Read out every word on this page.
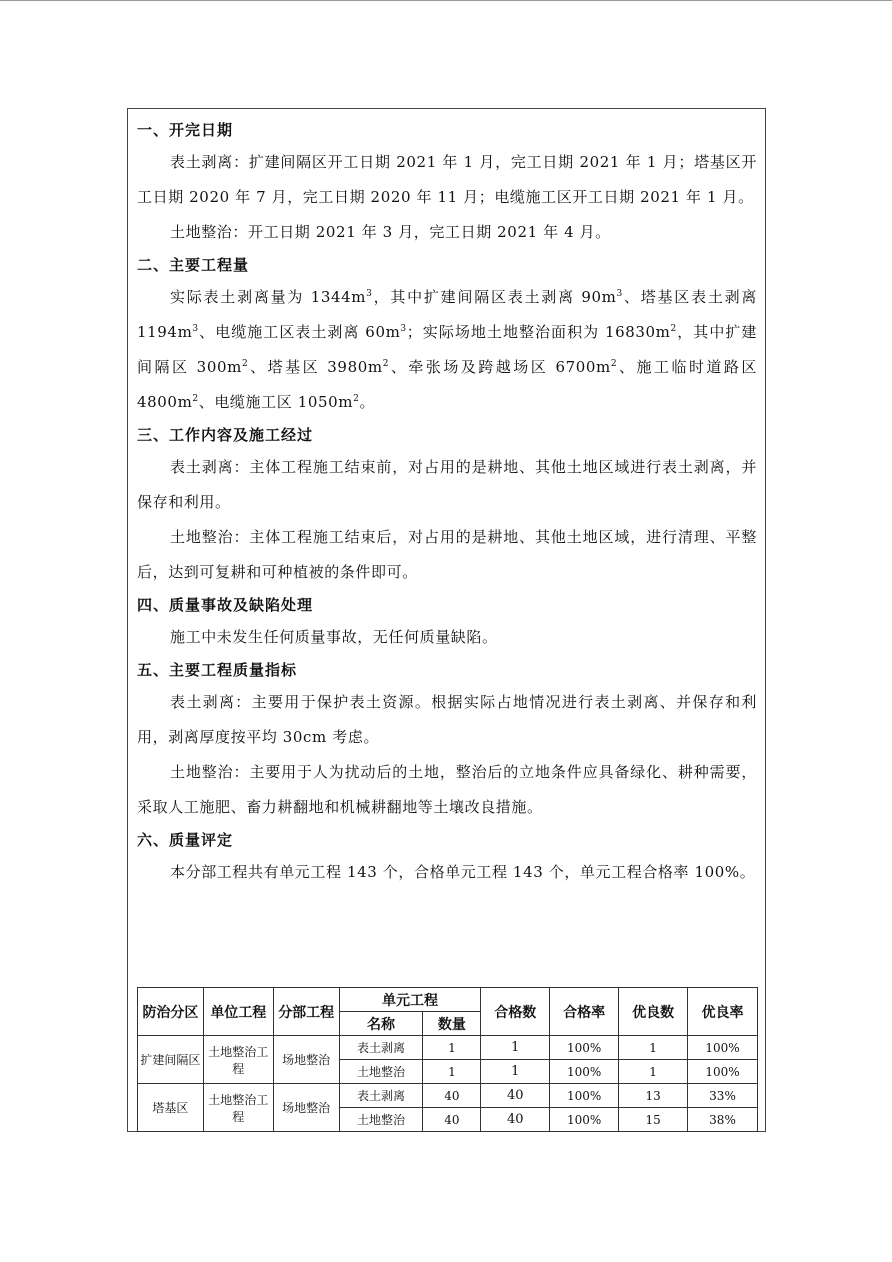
一、开完日期

表土剥离：扩建间隔区开工日期 2021 年 1 月，完工日期 2021 年 1 月；塔基区开工日期 2020 年 7 月，完工日期 2020 年 11 月；电缆施工区开工日期 2021 年 1 月。

土地整治：开工日期 2021 年 3 月，完工日期 2021 年 4 月。

二、主要工程量

实际表土剥离量为 $1344m^3$，其中扩建间隔区表土剥离 $90m^3$、塔基区表土剥离 $1194m^3$、电缆施工区表土剥离 $60m^3$；实际场地土地整治面积为 $16830m^2$，其中扩建间隔区 $300m^2$、塔基区 $3980m^2$、牵张场及跨越场区 $6700m^2$、施工临时道路区 $4800m^2$、电缆施工区 $1050m^2$。

三、工作内容及施工经过

表土剥离：主体工程施工结束前，对占用的是耕地、其他土地区域进行表土剥离，并保存和利用。

土地整治：主体工程施工结束后，对占用的是耕地、其他土地区域，进行清理、平整后，达到可复耕和可种植被的条件即可。

四、质量事故及缺陷处理

施工中未发生任何质量事故，无任何质量缺陷。

五、主要工程质量指标

表土剥离：主要用于保护表土资源。根据实际占地情况进行表土剥离、并保存和利用，剥离厚度按平均 30cm 考虑。

土地整治：主要用于人为扰动后的土地，整治后的立地条件应具备绿化、耕种需要，采取人工施肥、畜力耕翻地和机械耕翻地等土壤改良措施。

六、质量评定

本分部工程共有单元工程 143 个，合格单元工程 143 个，单元工程合格率 100%。

防治分区	单位工程	分部工程	单元工程		合格数	合格率	优良数	优良率
			名称	数量				
扩建间隔区	土地整治工程	场地整治	表土剥离	1	1	100%	1	100%
			土地整治	1	1	100%	1	100%
塔基区	土地整治工程	场地整治	表土剥离	40	40	100%	13	33%
			土地整治	40	40	100%	15	38%
